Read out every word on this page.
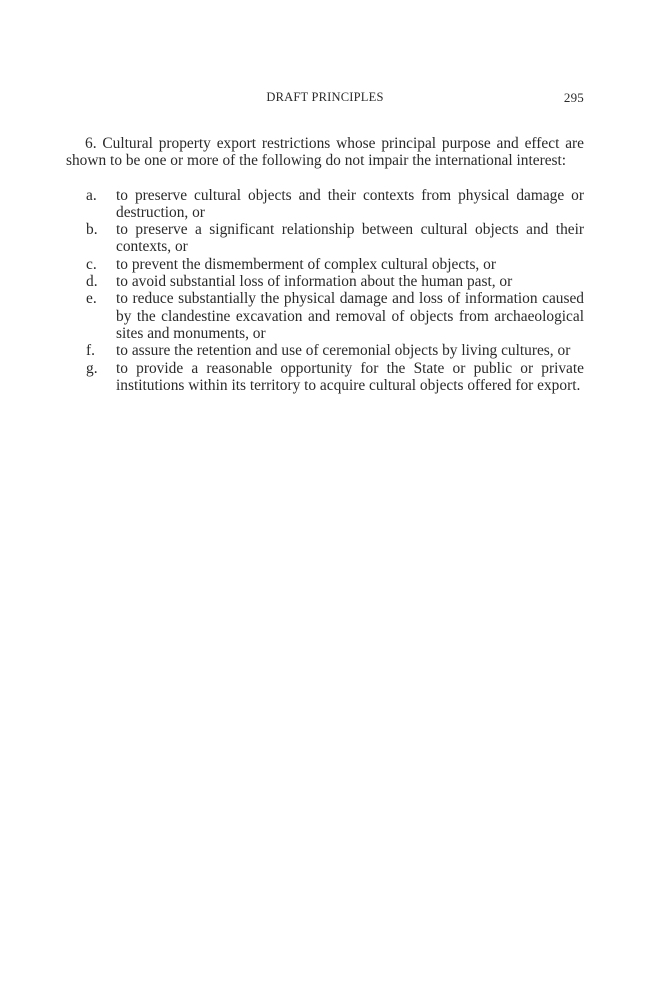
DRAFT PRINCIPLES	295

6. Cultural property export restrictions whose principal purpose and effect are shown to be one or more of the following do not impair the international interest:

a.	to preserve cultural objects and their contexts from physical damage or destruction, or
b.	to preserve a significant relationship between cultural objects and their contexts, or
c.	to prevent the dismemberment of complex cultural objects, or
d.	to avoid substantial loss of information about the human past, or
e.	to reduce substantially the physical damage and loss of information caused by the clandestine excavation and removal of objects from archaeological sites and monuments, or
f.	to assure the retention and use of ceremonial objects by living cultures, or
g.	to provide a reasonable opportunity for the State or public or private institutions within its territory to acquire cultural objects offered for export.
